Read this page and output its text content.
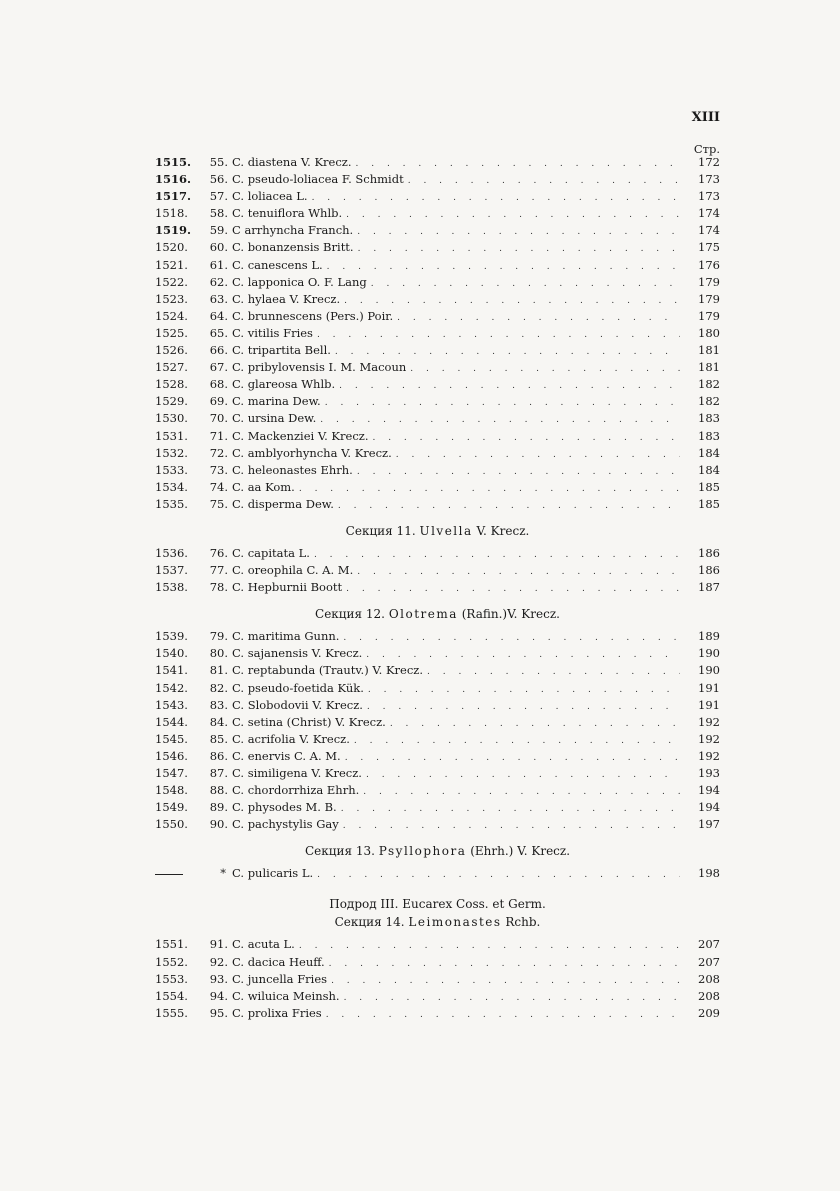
XIII
Стр.
1515.	55. C. diastena V. Krecz. . . .	172
1516.	56. C. pseudo-loliacea F. Schmidt . . .	173
1517.	57. C. loliacea L. . . .	173
1518.	58. C. tenuiflora Whlb. . . .	174
1519.	59. C arrhyncha Franch. . . .	174
1520.	60. C. bonanzensis Britt. . . .	175
1521.	61. C. canescens L. . . .	176
1522.	62. C. lapponica O. F. Lang . . .	179
1523.	63. C. hylaea V. Krecz. . . .	179
1524.	64. C. brunnescens (Pers.) Poir. . . .	179
1525.	65. C. vitilis Fries . . .	180
1526.	66. C. tripartita Bell. . . .	181
1527.	67. C. pribylovensis I. M. Macoun . . .	181
1528.	68. C. glareosa Whlb. . . .	182
1529.	69. C. marina Dew. . . .	182
1530.	70. C. ursina Dew. . . .	183
1531.	71. C. Mackenziei V. Krecz. . . .	183
1532.	72. C. amblyorhyncha V. Krecz. . . .	184
1533.	73. C. heleonastes Ehrh. . . .	184
1534.	74. C. aa Kom. . . .	185
1535.	75. C. disperma Dew. . . .	185
Секция 11. Ulvella V. Krecz.
1536.	76. C. capitata L. . . .	186
1537.	77. C. oreophila C. A. M. . . .	186
1538.	78. C. Hepburnii Boott . . .	187
Секция 12. Olotrema (Rafin.)V. Krecz.
1539.	79. C. maritima Gunn. . . .	189
1540.	80. C. sajanensis V. Krecz. . . .	190
1541.	81. C. reptabunda (Trautv.) V. Krecz. . . .	190
1542.	82. C. pseudo-foetida Kük. . . .	191
1543.	83. C. Slobodovii V. Krecz. . . .	191
1544.	84. C. setina (Christ) V. Krecz. . . .	192
1545.	85. C. acrifolia V. Krecz. . . .	192
1546.	86. C. enervis C. A. M. . . .	192
1547.	87. C. similigena V. Krecz. . . .	193
1548.	88. C. chordorrhiza Ehrh. . . .	194
1549.	89. C. physodes M. B. . . .	194
1550.	90. C. pachystylis Gay . . .	197
Секция 13. Psyllophora (Ehrh.) V. Krecz.
* C. pulicaris L. . . .	198
Подрод III. Eucarex Coss. et Germ.
Секция 14. Leimonastes Rchb.
1551.	91. C. acuta L. . . .	207
1552.	92. C. dacica Heuff. . . .	207
1553.	93. C. juncella Fries . . .	208
1554.	94. C. wiluica Meinsh. . . .	208
1555.	95. C. prolixa Fries . . .	209
